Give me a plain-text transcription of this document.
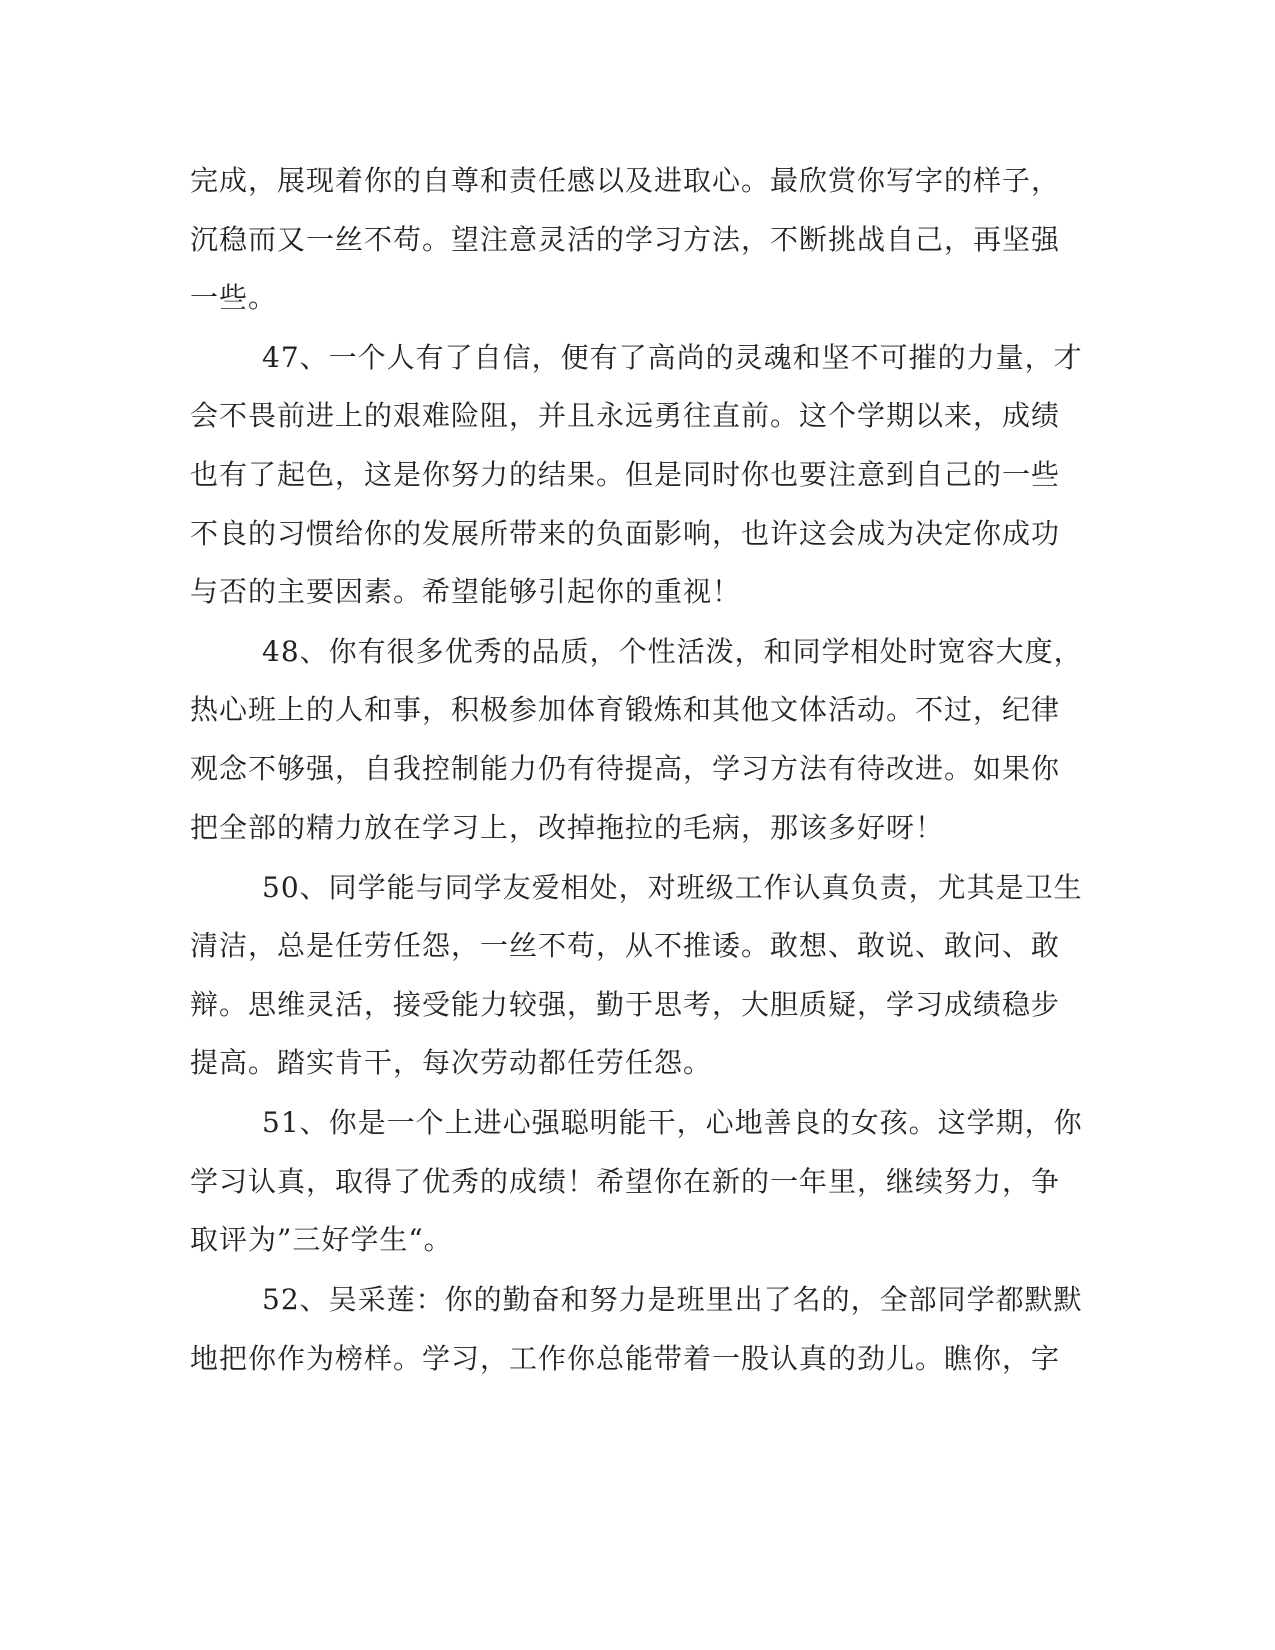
完成，展现着你的自尊和责任感以及进取心。最欣赏你写字的样子，
沉稳而又一丝不苟。望注意灵活的学习方法，不断挑战自己，再坚强
一些。
47、一个人有了自信，便有了高尚的灵魂和坚不可摧的力量，才
会不畏前进上的艰难险阻，并且永远勇往直前。这个学期以来，成绩
也有了起色，这是你努力的结果。但是同时你也要注意到自己的一些
不良的习惯给你的发展所带来的负面影响，也许这会成为决定你成功
与否的主要因素。希望能够引起你的重视！
48、你有很多优秀的品质，个性活泼，和同学相处时宽容大度，
热心班上的人和事，积极参加体育锻炼和其他文体活动。不过，纪律
观念不够强，自我控制能力仍有待提高，学习方法有待改进。如果你
把全部的精力放在学习上，改掉拖拉的毛病，那该多好呀！
50、同学能与同学友爱相处，对班级工作认真负责，尤其是卫生
清洁，总是任劳任怨，一丝不苟，从不推诿。敢想、敢说、敢问、敢
辩。思维灵活，接受能力较强，勤于思考，大胆质疑，学习成绩稳步
提高。踏实肯干，每次劳动都任劳任怨。
51、你是一个上进心强聪明能干，心地善良的女孩。这学期，你
学习认真，取得了优秀的成绩！希望你在新的一年里，继续努力，争
取评为”三好学生“。
52、吴采莲：你的勤奋和努力是班里出了名的，全部同学都默默
地把你作为榜样。学习，工作你总能带着一股认真的劲儿。瞧你，字
